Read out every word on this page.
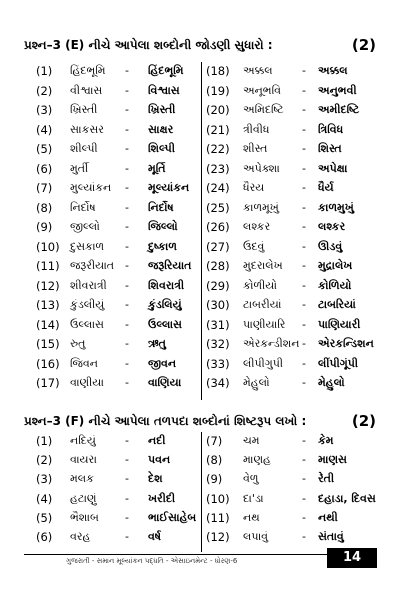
પ્રશ્ન–3 (E) નીચે આપેલા શબ્દોની જોડણી સુધારો :	(2)
(1) હિંદભૂમિ - હિંદભૂમિ
(2) વીશ્વાસ - વિશ્વાસ
(3) ખ્રિસ્તી	- ખ્રિસ્તી
(4) સાકસર - સાક્ષર
(5) શીલ્પી - શિલ્પી
(6) મુર્તી	- મૂર્તિ
(7) મુલ્યાંકન - મૂલ્યાંકન
(8) નિર્દોષ	- નિર્દોષ
(9) જીલ્લો - જિલ્લો
(10) દુસકાળ - દુષ્કાળ
(11) જરૂરીયાત - જરૂરિયાત
(12) શીવરાત્રી - શિવરાત્રી
(13) કુંડલીયું - કુંડલિયું
(14) ઉલ્લાસ - ઉલ્લાસ
(15) રુતુ	- ઋતુ
(16) જિવન - જીવન
(17) વાણીયા - વાણિયા
(18) અક્કલ	- અક્કલ
(19) અનૂભવિ - અનુભવી
(20) અમિદષ્ટિ - અમીદષ્ટિ
(21) ત્રીવીધ	- ત્રિવિધ
(22) શીસ્ત	- શિસ્ત
(23) અપેક્શા - અપેક્ષા
(24) ધૈરય	- ધૈર્ય
(25) કાળમૂખું - કાળમુખું
(26) લશ્કર	- લશ્કર
(27) ઉદવું	- ઊડવું
(28) મુદરાલેખ - મુદ્રાલેખ
(29) કોળીયો - કોળિયો
(30) ટાબરીયાં - ટાબરિયાં
(31) પાણીયારિ - પાણિયારી
(32) એરકન્ડીશન - એરકન્ડિશન
(33) લીપીગુપી - લીંપીગૂંપી
(34) મેહુલો	- મેહુલો
પ્રશ્ન–3 (F) નીચે આપેલા તળપદા શબ્દોનાં શિષ્ટરૂપ લખો :	(2)
(1) નદિયું	- નદી
(2) વાયરા	- પવન
(3) મલક	- દેશ
(4) હટાણું	- ખરીદી
(5) ભૈશાબ - ભાઈસાહેબ
(6) વરહ	- વર્ષ
(7) ચમ	- કેમ
(8) માણહ	- માણસ
(9) વેળુ	- રેતી
(10) દા'ડા	- દહાડા, દિવસ
(11) નથ	- નથી
(12) લપાવું	- સંતાવું
ગુજરાતી - સમાન મૂલ્યાંકન પદ્ધતિ - એસાઇનમેન્ટ - ધોરણ-6	14
